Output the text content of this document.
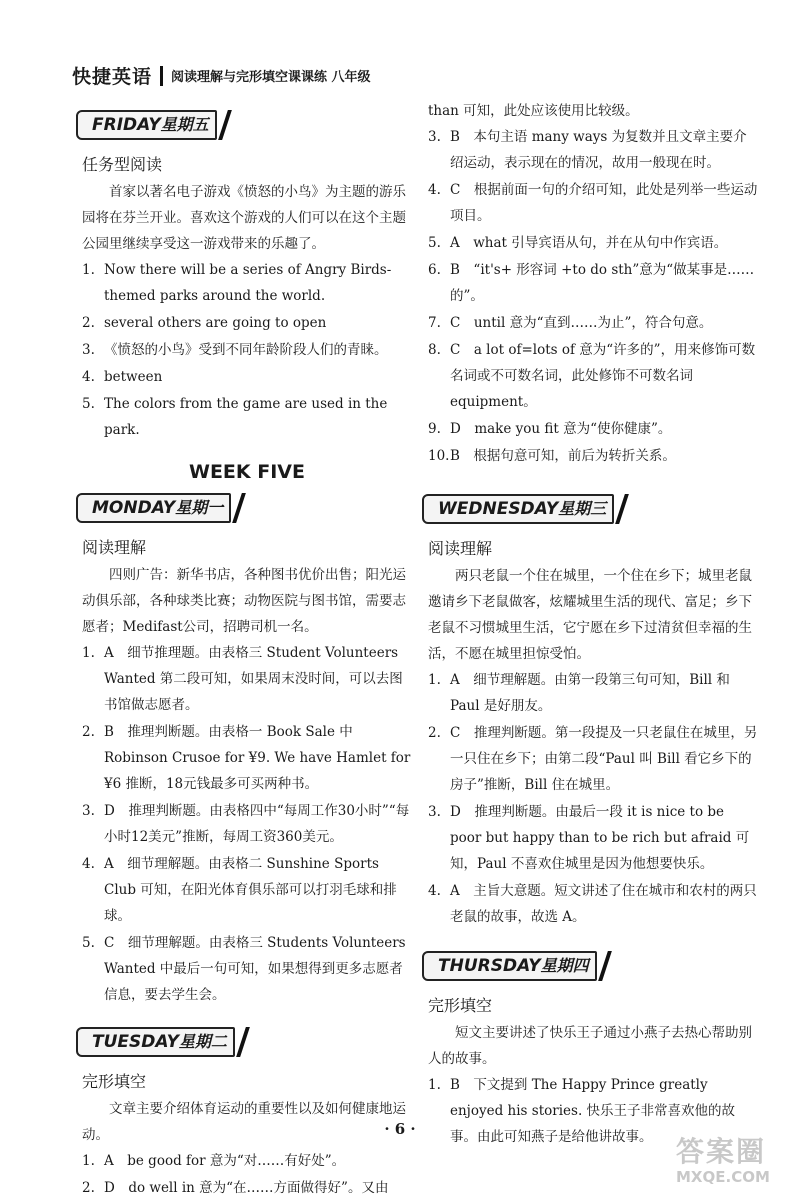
快捷英语 阅读理解与完形填空课课练 八年级
FRIDAY星期五
任务型阅读

首家以著名电子游戏《愤怒的小鸟》为主题的游乐园将在芬兰开业。喜欢这个游戏的人们可以在这个主题公园里继续享受这一游戏带来的乐趣了。

1. Now there will be a series of Angry Birds-themed parks around the world.
2. several others are going to open
3. 《愤怒的小鸟》受到不同年龄阶段人们的青睐。
4. between
5. The colors from the game are used in the park.
WEEK FIVE
MONDAY星期一
阅读理解

四则广告：新华书店，各种图书优价出售；阳光运动俱乐部，各种球类比赛；动物医院与图书馆，需要志愿者；Medifast公司，招聘司机一名。

1. A　细节推理题。由表格三 Student Volunteers Wanted 第二段可知，如果周末没时间，可以去图书馆做志愿者。
2. B　推理判断题。由表格一 Book Sale 中 Robinson Crusoe for ¥9. We have Hamlet for ¥6 推断，18元钱最多可买两种书。
3. D　推理判断题。由表格四中“每周工作30小时”“每小时12美元”推断，每周工资360美元。
4. A　细节理解题。由表格二 Sunshine Sports Club 可知，在阳光体育俱乐部可以打羽毛球和排球。
5. C　细节理解题。由表格三 Students Volunteers Wanted 中最后一句可知，如果想得到更多志愿者信息，要去学生会。
TUESDAY星期二
完形填空

文章主要介绍体育运动的重要性以及如何健康地运动。

1. A　be good for 意为“对……有好处”。
2. D　do well in 意为“在……方面做得好”。又由

than 可知，此处应该使用比较级。

3. B　本句主语 many ways 为复数并且文章主要介绍运动，表示现在的情况，故用一般现在时。
4. C　根据前面一句的介绍可知，此处是列举一些运动项目。
5. A　what 引导宾语从句，并在从句中作宾语。
6. B　“it's+ 形容词 +to do sth”意为“做某事是……的”。
7. C　until 意为“直到……为止”，符合句意。
8. C　a lot of=lots of 意为“许多的”，用来修饰可数名词或不可数名词，此处修饰不可数名词 equipment。
9. D　make you fit 意为“使你健康”。
10. B　根据句意可知，前后为转折关系。
WEDNESDAY星期三
阅读理解

两只老鼠一个住在城里，一个住在乡下；城里老鼠邀请乡下老鼠做客，炫耀城里生活的现代、富足；乡下老鼠不习惯城里生活，它宁愿在乡下过清贫但幸福的生活，不愿在城里担惊受怕。

1. A　细节理解题。由第一段第三句可知，Bill 和 Paul 是好朋友。
2. C　推理判断题。第一段提及一只老鼠住在城里，另一只住在乡下；由第二段“Paul 叫 Bill 看它乡下的房子”推断，Bill 住在城里。
3. D　推理判断题。由最后一段 it is nice to be poor but happy than to be rich but afraid 可知，Paul 不喜欢住城里是因为他想要快乐。
4. A　主旨大意题。短文讲述了住在城市和农村的两只老鼠的故事，故选 A。
THURSDAY星期四
完形填空

短文主要讲述了快乐王子通过小燕子去热心帮助别人的故事。

1. B　下文提到 The Happy Prince greatly enjoyed his stories. 快乐王子非常喜欢他的故事。由此可知燕子是给他讲故事。
· 6 ·
答案圈
MXQE.COM
